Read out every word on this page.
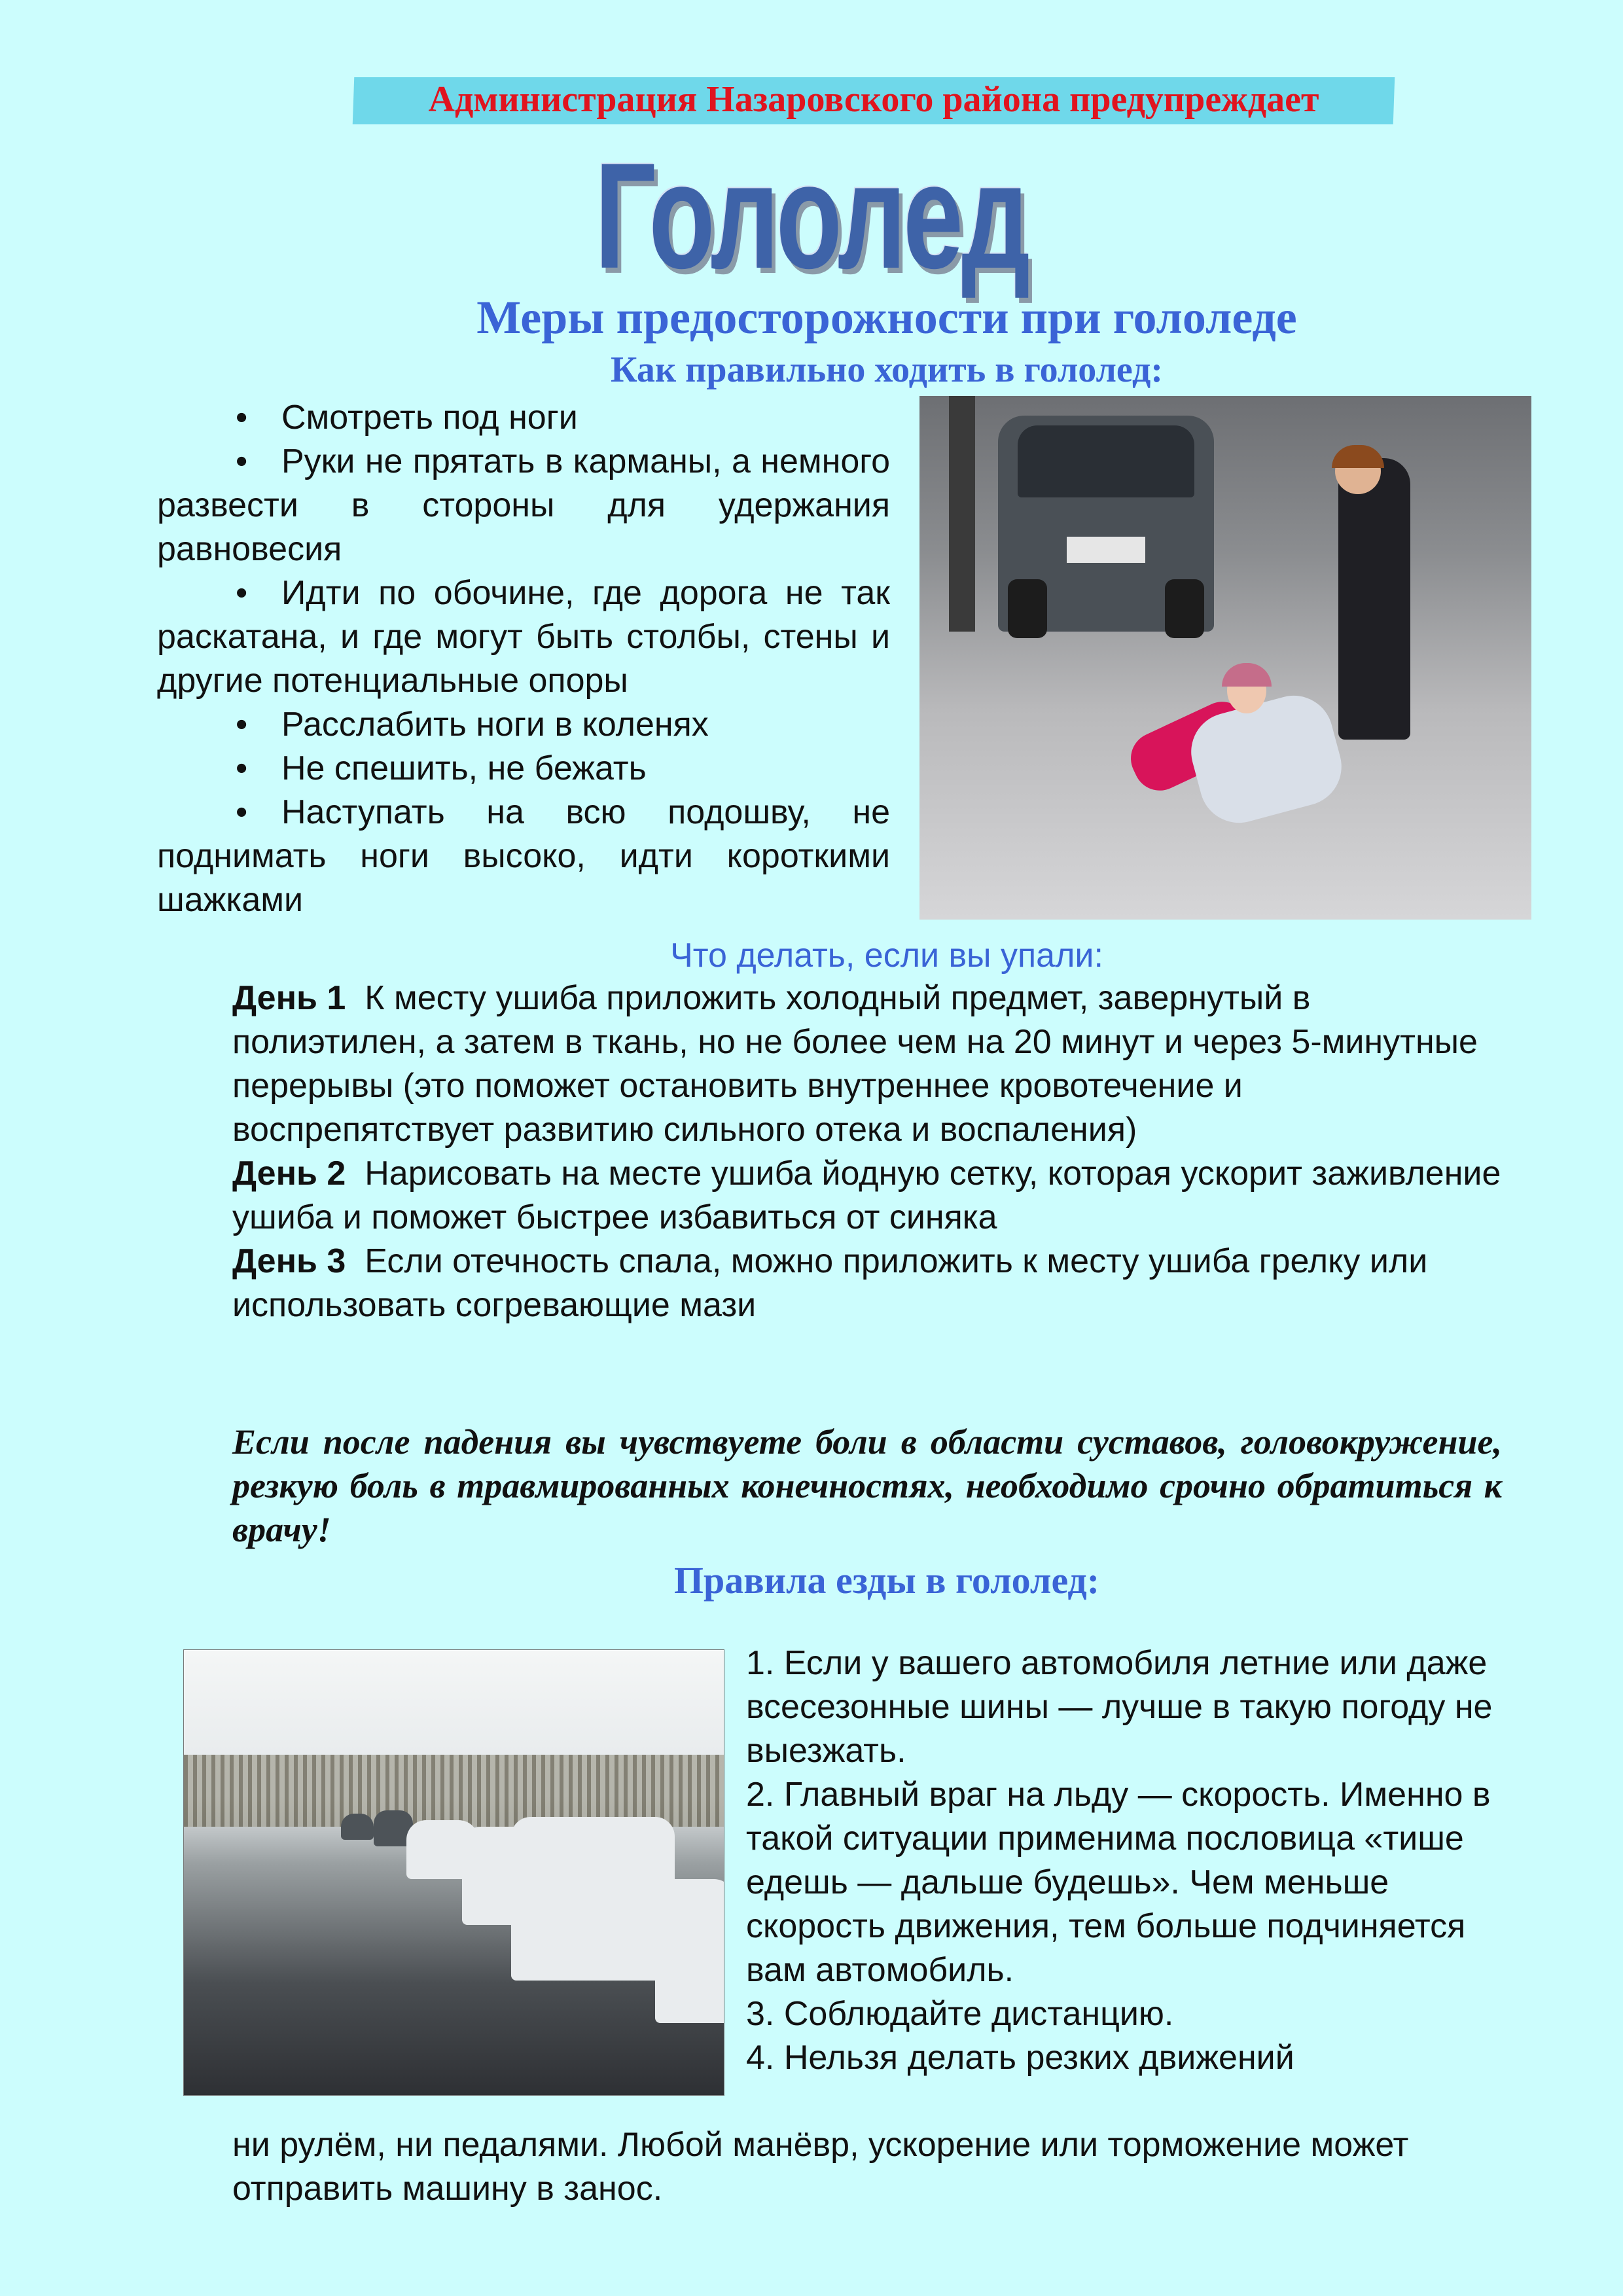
Администрация Назаровского района предупреждает
Гололед
Меры предосторожности при гололеде
Как правильно ходить в гололед:
• Смотреть под ноги
• Руки не прятать в карманы, а немного развести в стороны для удержания равновесия
• Идти по обочине, где дорога не так раскатана, и где могут быть столбы, стены и другие потенциальные опоры
• Расслабить ноги в коленях
• Не спешить, не бежать
• Наступать на всю подошву, не поднимать ноги высоко, идти короткими шажками
Что делать, если вы упали:
День 1 К месту ушиба приложить холодный предмет, завернутый в полиэтилен, а затем в ткань, но не более чем на 20 минут и через 5-минутные перерывы (это поможет остановить внутреннее кровотечение и воспрепятствует развитию сильного отека и воспаления)
День 2 Нарисовать на месте ушиба йодную сетку, которая ускорит заживление ушиба и поможет быстрее избавиться от синяка
День 3 Если отечность спала, можно приложить к месту ушиба грелку или использовать согревающие мази
Если после падения вы чувствуете боли в области суставов, головокружение, резкую боль в травмированных конечностях, необходимо срочно обратиться к врачу!
Правила езды в гололед:
1. Если у вашего автомобиля летние или даже всесезонные шины — лучше в такую погоду не выезжать.
2. Главный враг на льду — скорость. Именно в такой ситуации применима пословица «тише едешь — дальше будешь». Чем меньше скорость движения, тем больше подчиняется вам автомобиль.
3. Соблюдайте дистанцию.
4. Нельзя делать резких движений
ни рулём, ни педалями. Любой манёвр, ускорение или торможение может отправить машину в занос.
